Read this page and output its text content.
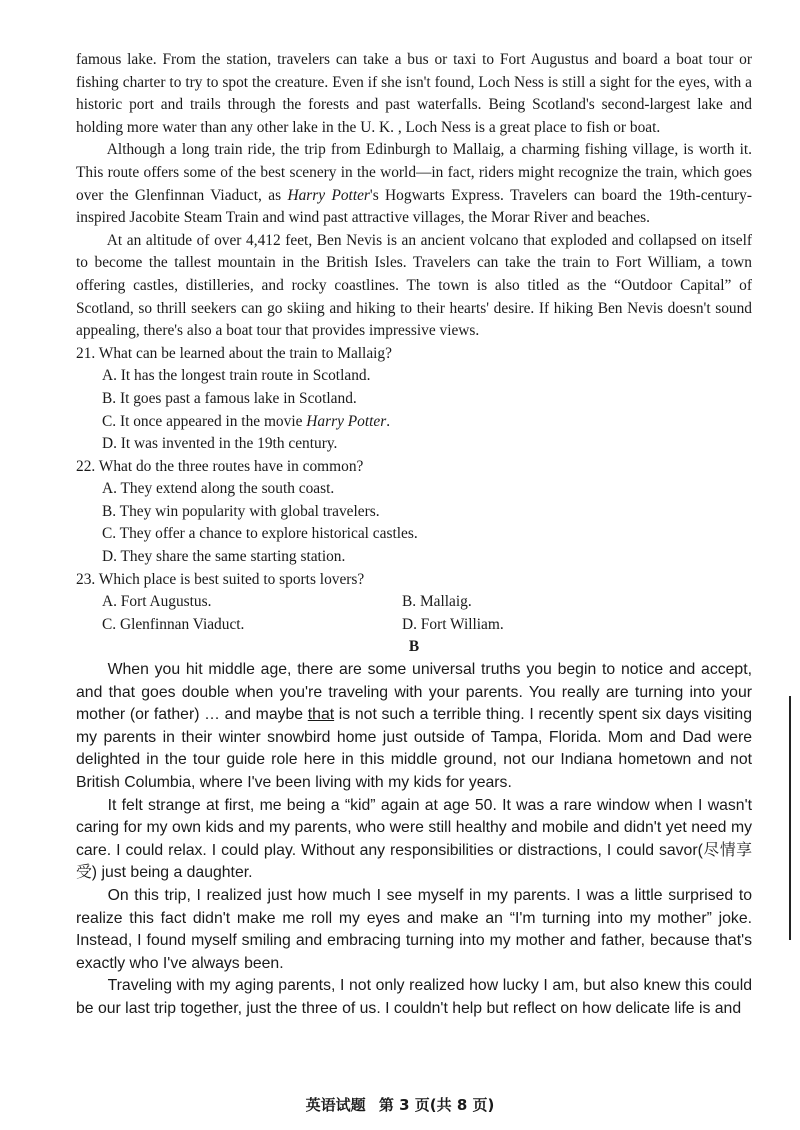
famous lake. From the station, travelers can take a bus or taxi to Fort Augustus and board a boat tour or fishing charter to try to spot the creature. Even if she isn't found, Loch Ness is still a sight for the eyes, with a historic port and trails through the forests and past waterfalls. Being Scotland's second-largest lake and holding more water than any other lake in the U. K. , Loch Ness is a great place to fish or boat.

Although a long train ride, the trip from Edinburgh to Mallaig, a charming fishing village, is worth it. This route offers some of the best scenery in the world—in fact, riders might recognize the train, which goes over the Glenfinnan Viaduct, as Harry Potter's Hogwarts Express. Travelers can board the 19th-century-inspired Jacobite Steam Train and wind past attractive villages, the Morar River and beaches.

At an altitude of over 4,412 feet, Ben Nevis is an ancient volcano that exploded and collapsed on itself to become the tallest mountain in the British Isles. Travelers can take the train to Fort William, a town offering castles, distilleries, and rocky coastlines. The town is also titled as the “Outdoor Capital” of Scotland, so thrill seekers can go skiing and hiking to their hearts' desire. If hiking Ben Nevis doesn't sound appealing, there's also a boat tour that provides impressive views.

21. What can be learned about the train to Mallaig?

A. It has the longest train route in Scotland.

B. It goes past a famous lake in Scotland.

C. It once appeared in the movie Harry Potter.

D. It was invented in the 19th century.

22. What do the three routes have in common?

A. They extend along the south coast.

B. They win popularity with global travelers.

C. They offer a chance to explore historical castles.

D. They share the same starting station.

23. Which place is best suited to sports lovers?

A. Fort Augustus.	B. Mallaig.
C. Glenfinnan Viaduct.	D. Fort William.

B

When you hit middle age, there are some universal truths you begin to notice and accept, and that goes double when you're traveling with your parents. You really are turning into your mother (or father) … and maybe that is not such a terrible thing. I recently spent six days visiting my parents in their winter snowbird home just outside of Tampa, Florida. Mom and Dad were delighted in the tour guide role here in this middle ground, not our Indiana hometown and not British Columbia, where I've been living with my kids for years.

It felt strange at first, me being a “kid” again at age 50. It was a rare window when I wasn't caring for my own kids and my parents, who were still healthy and mobile and didn't yet need my care. I could relax. I could play. Without any responsibilities or distractions, I could savor(尽情享受) just being a daughter.

On this trip, I realized just how much I see myself in my parents. I was a little surprised to realize this fact didn't make me roll my eyes and make an “I'm turning into my mother” joke. Instead, I found myself smiling and embracing turning into my mother and father, because that's exactly who I've always been.

Traveling with my aging parents, I not only realized how lucky I am, but also knew this could be our last trip together, just the three of us. I couldn't help but reflect on how delicate life is and

英语试题 第 3 页(共 8 页)
